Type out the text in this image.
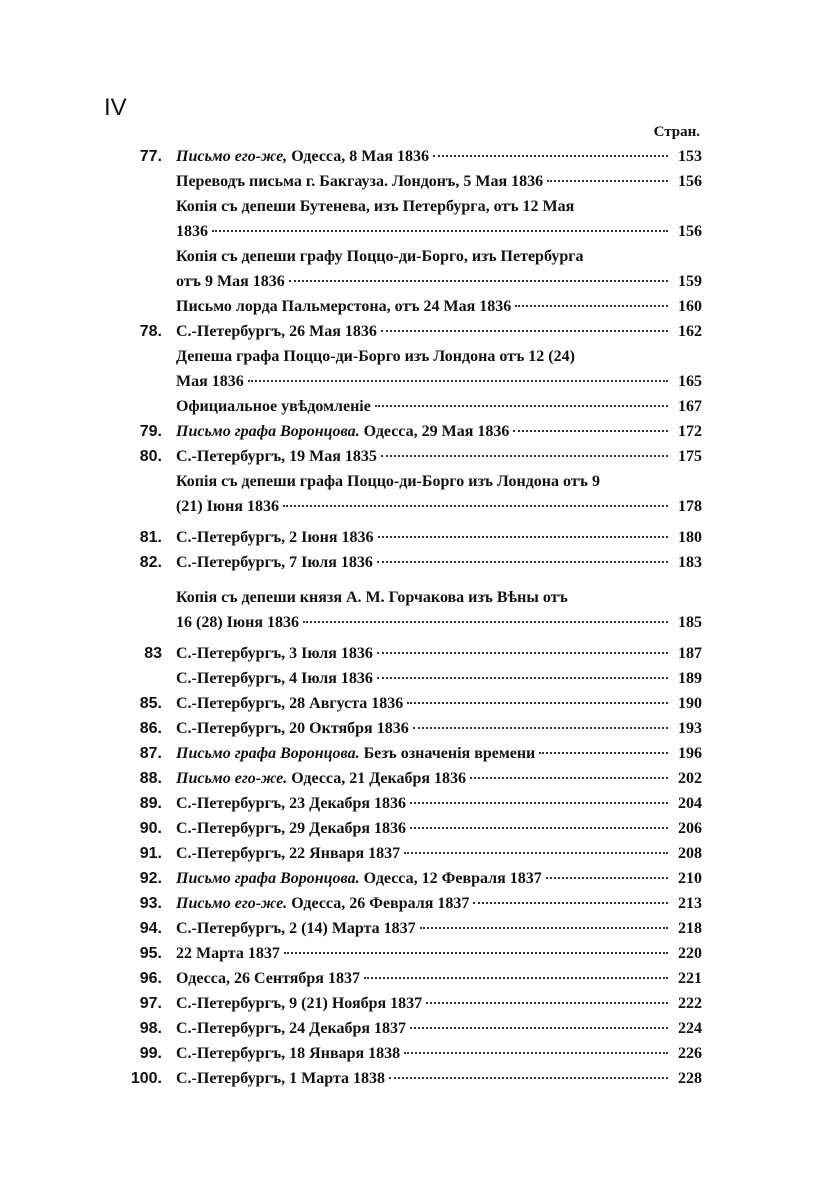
IV
Стран.
77. Письмо его-же, Одесса, 8 Мая 1836	153
Переводъ письма г. Бакгауза. Лондонъ, 5 Мая 1836	156
Копія съ депеши Бутенева, изъ Петербурга, отъ 12 Мая
1836	156
Копія съ депеши графу Поццо-ди-Борго, изъ Петербурга
отъ 9 Мая 1836	159
Письмо лорда Пальмерстона, отъ 24 Мая 1836	160
78. С.-Петербургъ, 26 Мая 1836	162
Депеша графа Поццо-ди-Борго изъ Лондона отъ 12 (24)
Мая 1836	165
Официальное увѣдомленіе	167
79. Письмо графа Воронцова. Одесса, 29 Мая 1836	172
80. С.-Петербургъ, 19 Мая 1835	175
Копія съ депеши графа Поццо-ди-Борго изъ Лондона отъ 9
(21) Іюня 1836	178
81. С.-Петербургъ, 2 Іюня 1836	180
82. С.-Петербургъ, 7 Іюля 1836	183
Копія съ депеши князя А. М. Горчакова изъ Вѣны отъ
16 (28) Іюня 1836	185
83 С.-Петербургъ, 3 Іюля 1836	187
С.-Петербургъ, 4 Іюля 1836	189
85. С.-Петербургъ, 28 Августа 1836	190
86. С.-Петербургъ, 20 Октября 1836	193
87. Письмо графа Воронцова. Безъ означенія времени	196
88. Письмо его-же. Одесса, 21 Декабря 1836	202
89. С.-Петербургъ, 23 Декабря 1836	204
90. С.-Петербургъ, 29 Декабря 1836	206
91. С.-Петербургъ, 22 Января 1837	208
92. Письмо графа Воронцова. Одесса, 12 Февраля 1837	210
93. Письмо его-же. Одесса, 26 Февраля 1837	213
94. С.-Петербургъ, 2 (14) Марта 1837	218
95. 22 Марта 1837	220
96. Одесса, 26 Сентября 1837	221
97. С.-Петербургъ, 9 (21) Ноября 1837	222
98. С.-Петербургъ, 24 Декабря 1837	224
99. С.-Петербургъ, 18 Января 1838	226
100. С.-Петербургъ, 1 Марта 1838	228
